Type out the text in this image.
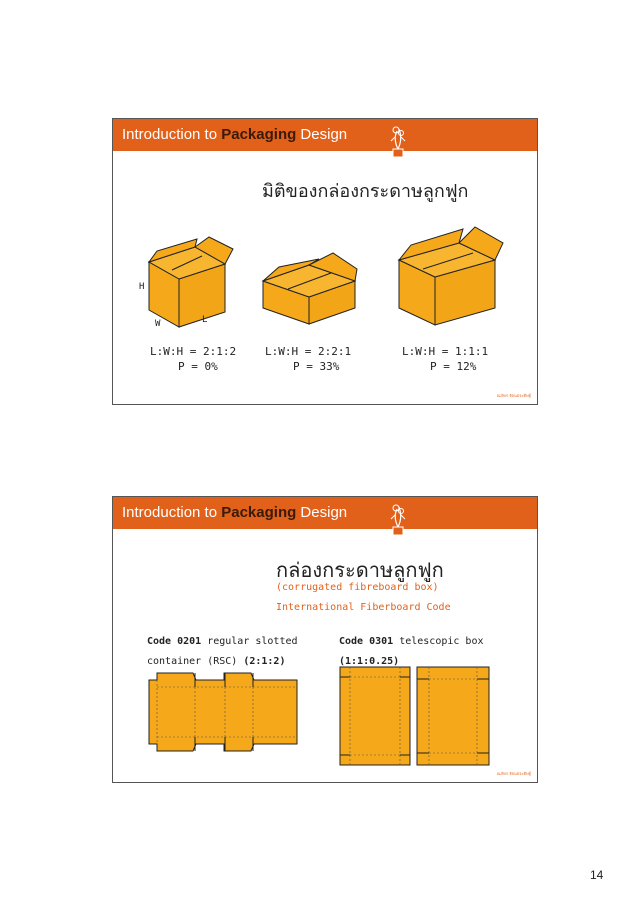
Introduction to Packaging Design
มิติของกล่องกระดาษลูกฟูก
H
W	L
L:W:H = 2:1:2
P = 0%
L:W:H = 2:2:1
P = 33%
L:W:H = 1:1:1
P = 12%
ณภัทร รัตนประดิษฐ์
Introduction to Packaging Design
กล่องกระดาษลูกฟูก
(corrugated fibreboard box)
International Fiberboard Code
Code 0201 regular slotted
container (RSC) (2:1:2)
Code 0301 telescopic box
(1:1:0.25)
ณภัทร รัตนประดิษฐ์
14
